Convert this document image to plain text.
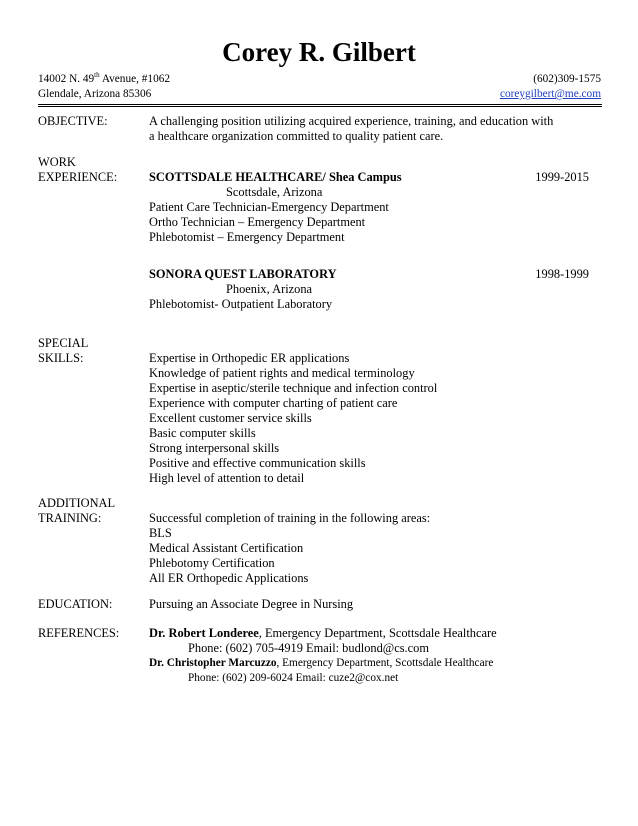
Corey R. Gilbert
14002 N. 49th Avenue, #1062
Glendale, Arizona 85306
(602)309-1575
coreygilbert@me.com
OBJECTIVE:	A challenging position utilizing acquired experience, training, and education with
a healthcare organization committed to quality patient care.
WORK
EXPERIENCE:	SCOTTSDALE HEALTHCARE/ Shea Campus	1999-2015
Scottsdale, Arizona
Patient Care Technician-Emergency Department
Ortho Technician – Emergency Department
Phlebotomist – Emergency Department
SONORA QUEST LABORATORY	1998-1999
Phoenix, Arizona
Phlebotomist- Outpatient Laboratory
SPECIAL
SKILLS:	Expertise in Orthopedic ER applications
Knowledge of patient rights and medical terminology
Expertise in aseptic/sterile technique and infection control
Experience with computer charting of patient care
Excellent customer service skills
Basic computer skills
Strong interpersonal skills
Positive and effective communication skills
High level of attention to detail
ADDITIONAL
TRAINING:	Successful completion of training in the following areas:
BLS
Medical Assistant Certification
Phlebotomy Certification
All ER Orthopedic Applications
EDUCATION:	Pursuing an Associate Degree in Nursing
REFERENCES:	Dr. Robert Londeree, Emergency Department, Scottsdale Healthcare
Phone: (602) 705-4919 Email: budlond@cs.com
Dr. Christopher Marcuzzo, Emergency Department, Scottsdale Healthcare
Phone: (602) 209-6024 Email: cuze2@cox.net
